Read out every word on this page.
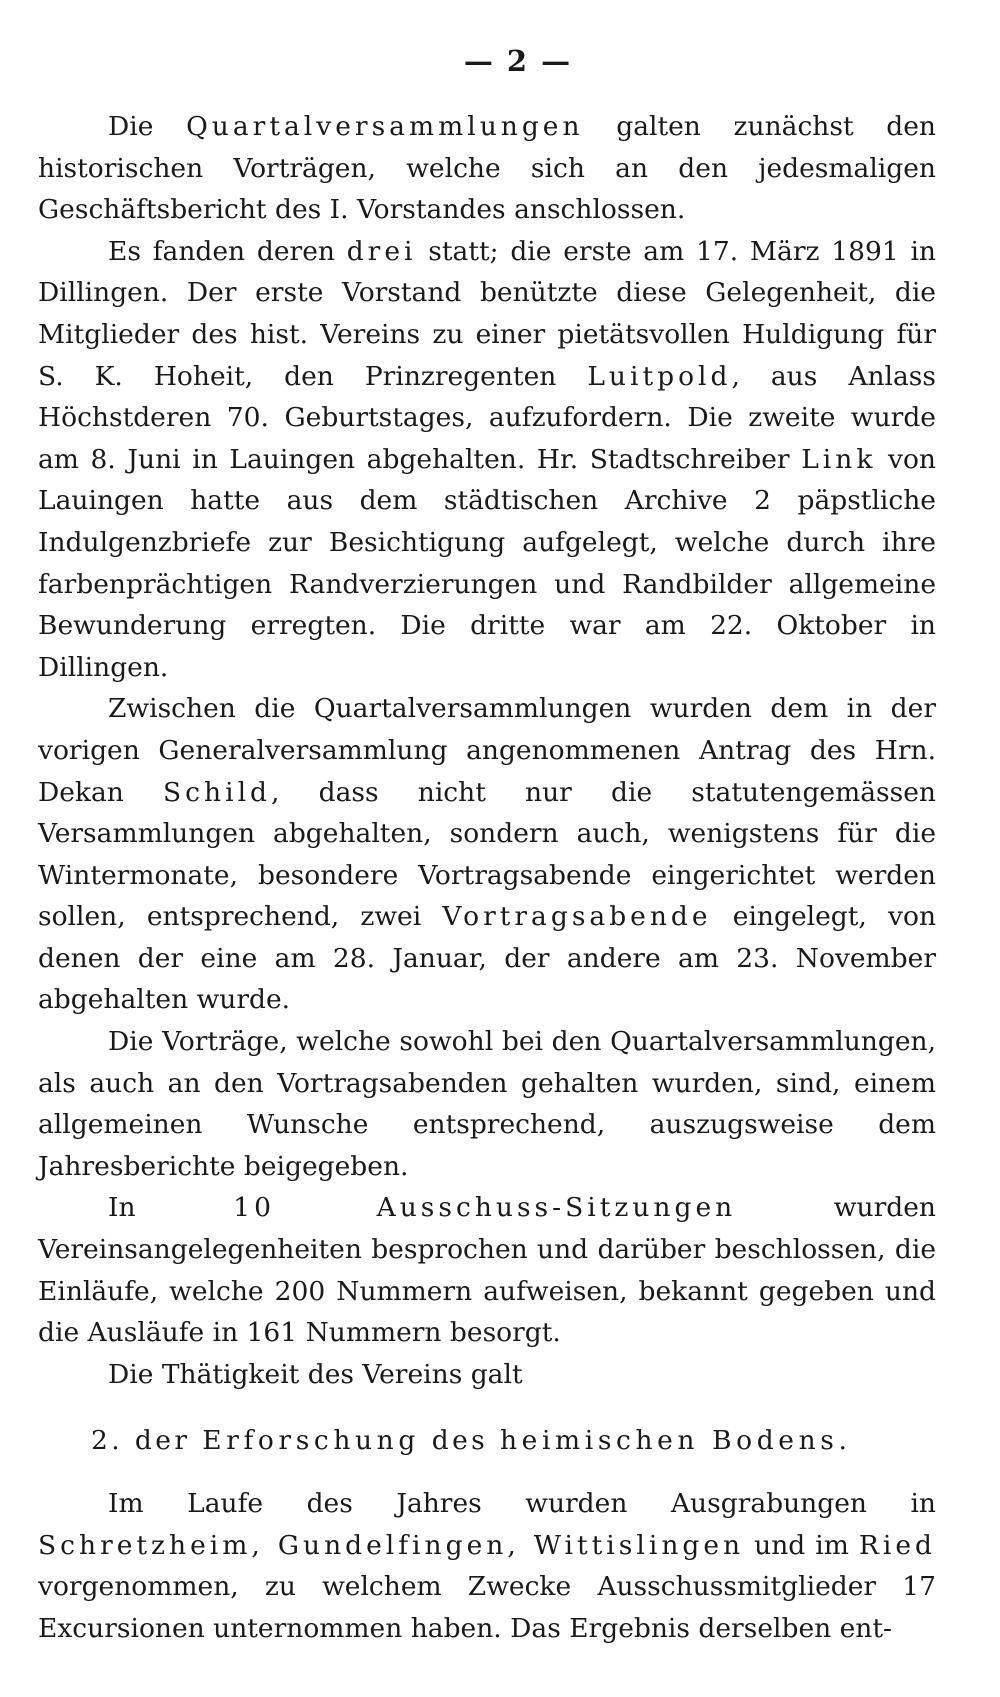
— 2 —

Die Quartalversammlungen galten zunächst den historischen Vorträgen, welche sich an den jedesmaligen Geschäftsbericht des I. Vorstandes anschlossen.

Es fanden deren drei statt; die erste am 17. März 1891 in Dillingen. Der erste Vorstand benützte diese Gelegenheit, die Mitglieder des hist. Vereins zu einer pietätsvollen Huldigung für S. K. Hoheit, den Prinzregenten Luitpold, aus Anlass Höchstderen 70. Geburtstages, aufzufordern. Die zweite wurde am 8. Juni in Lauingen abgehalten. Hr. Stadtschreiber Link von Lauingen hatte aus dem städtischen Archive 2 päpstliche Indulgenzbriefe zur Besichtigung aufgelegt, welche durch ihre farbenprächtigen Randverzierungen und Randbilder allgemeine Bewunderung erregten. Die dritte war am 22. Oktober in Dillingen.

Zwischen die Quartalversammlungen wurden dem in der vorigen Generalversammlung angenommenen Antrag des Hrn. Dekan Schild, dass nicht nur die statutengemässen Versammlungen abgehalten, sondern auch, wenigstens für die Wintermonate, besondere Vortragsabende eingerichtet werden sollen, entsprechend, zwei Vortragsabende eingelegt, von denen der eine am 28. Januar, der andere am 23. November abgehalten wurde.

Die Vorträge, welche sowohl bei den Quartalversammlungen, als auch an den Vortragsabenden gehalten wurden, sind, einem allgemeinen Wunsche entsprechend, auszugsweise dem Jahresberichte beigegeben.

In 10 Ausschuss-Sitzungen wurden Vereinsangelegenheiten besprochen und darüber beschlossen, die Einläufe, welche 200 Nummern aufweisen, bekannt gegeben und die Ausläufe in 161 Nummern besorgt.

Die Thätigkeit des Vereins galt

2. der Erforschung des heimischen Bodens.

Im Laufe des Jahres wurden Ausgrabungen in Schretzheim, Gundelfingen, Wittislingen und im Ried vorgenommen, zu welchem Zwecke Ausschussmitglieder 17 Excursionen unternommen haben. Das Ergebnis derselben ent-
